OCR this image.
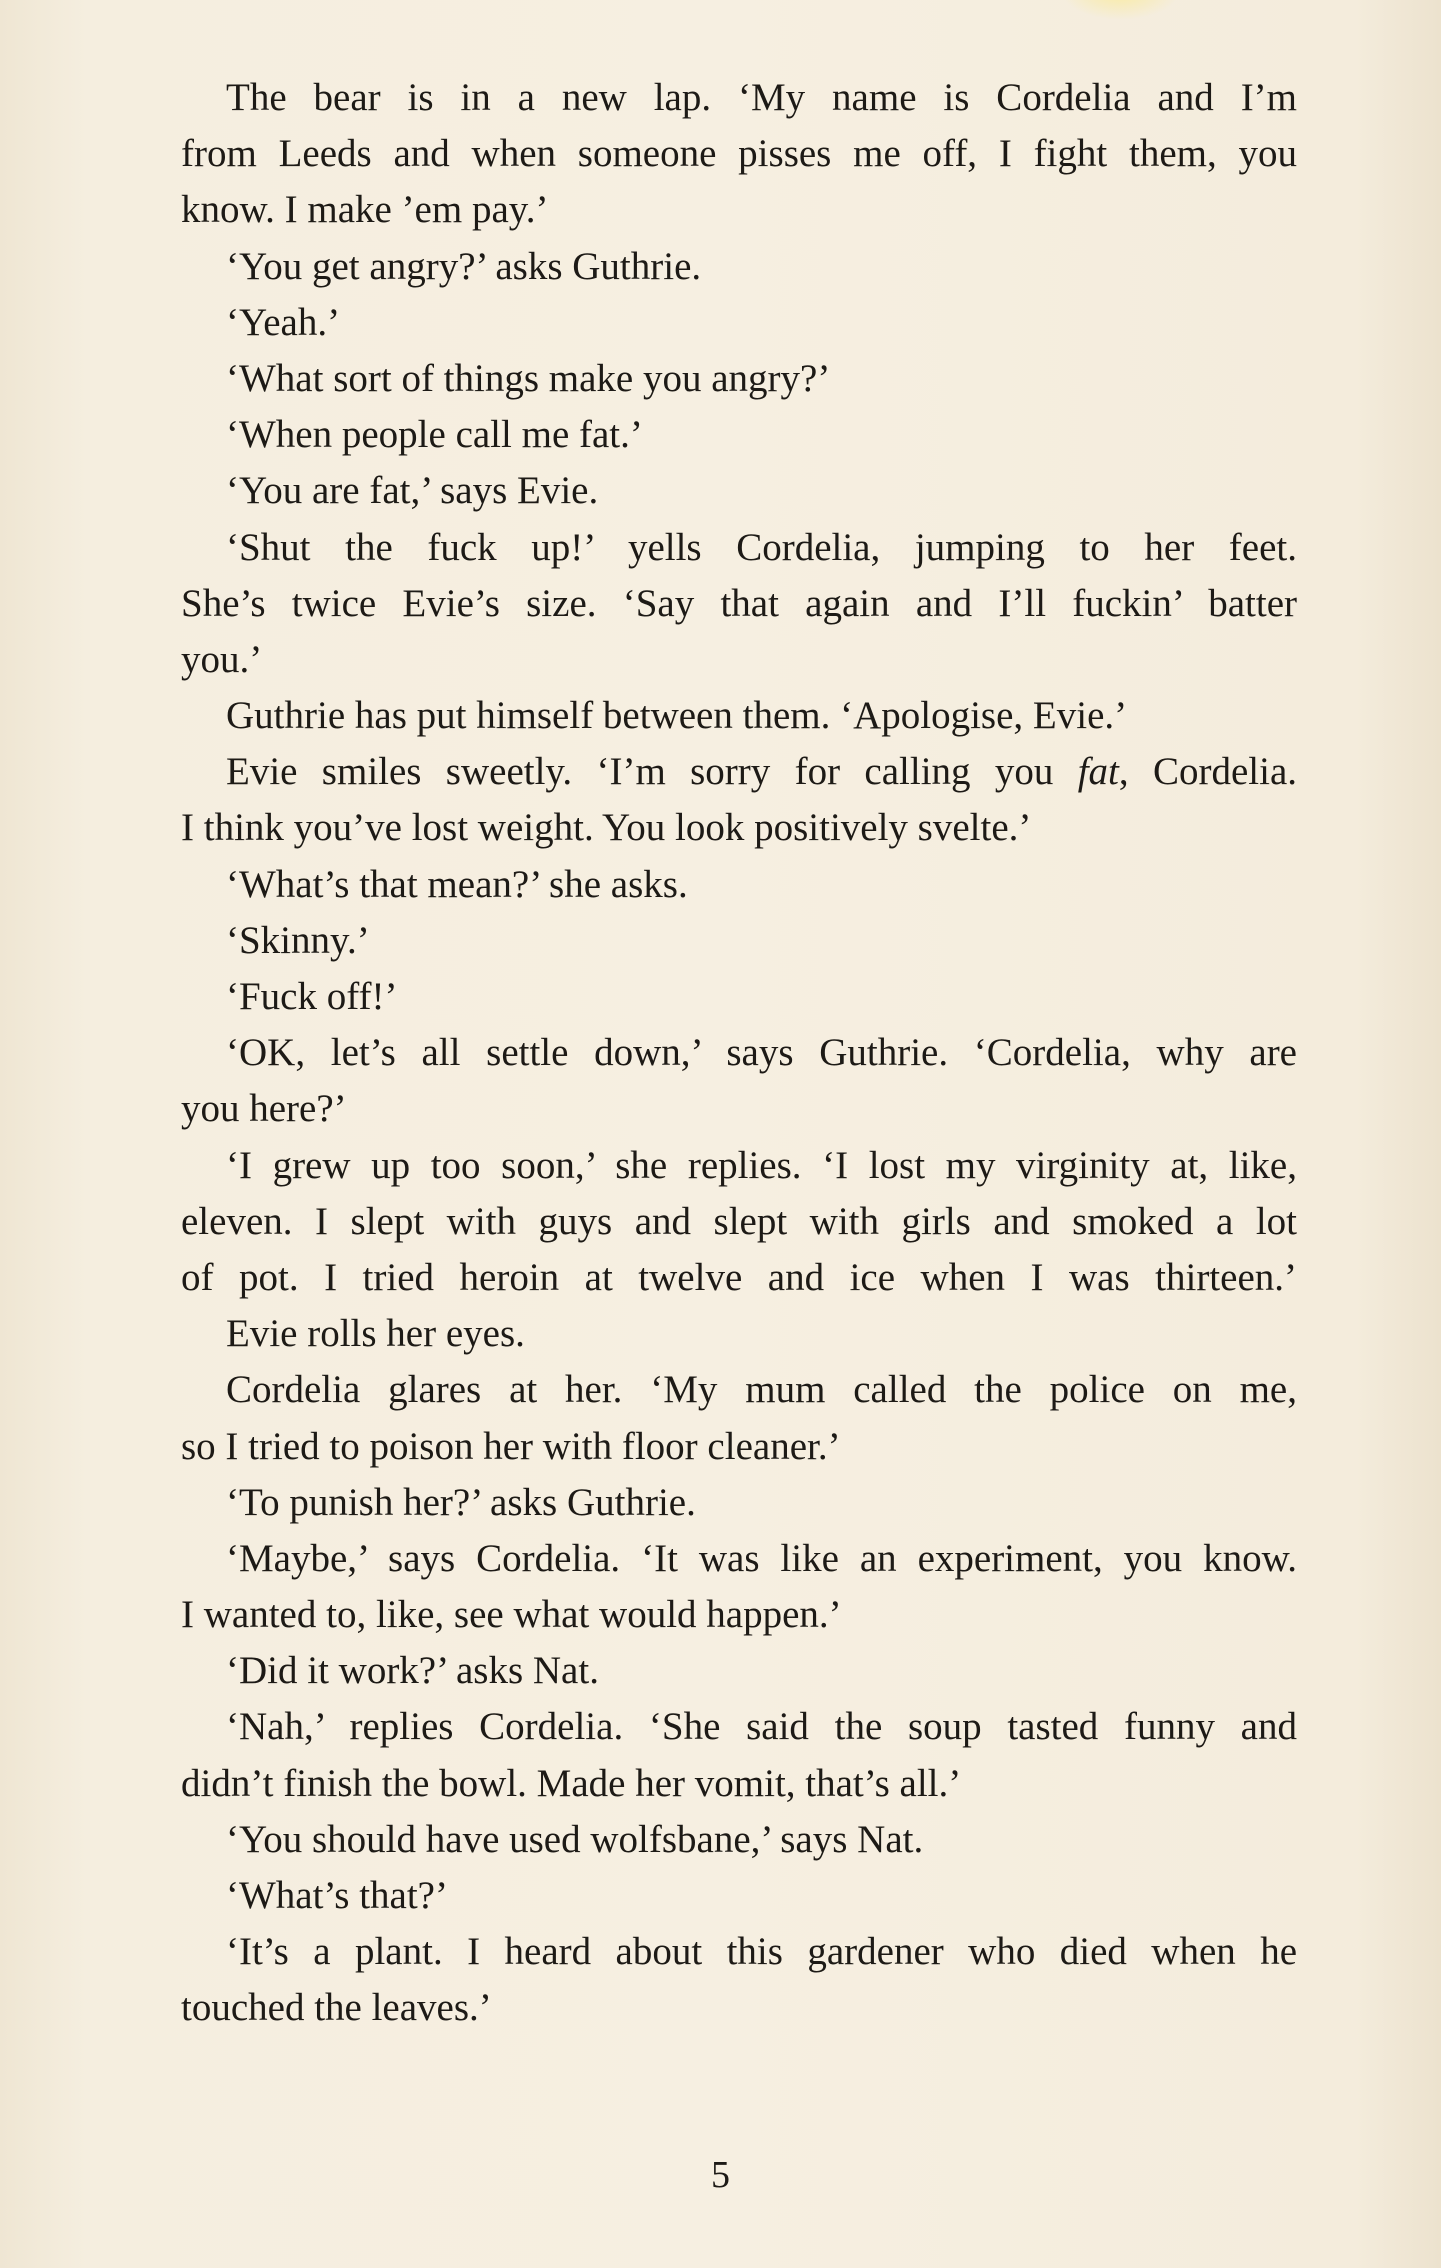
The bear is in a new lap. ‘My name is Cordelia and I’m
from Leeds and when someone pisses me off, I fight them, you
know. I make ’em pay.’
‘You get angry?’ asks Guthrie.
‘Yeah.’
‘What sort of things make you angry?’
‘When people call me fat.’
‘You are fat,’ says Evie.
‘Shut the fuck up!’ yells Cordelia, jumping to her feet.
She’s twice Evie’s size. ‘Say that again and I’ll fuckin’ batter
you.’
Guthrie has put himself between them. ‘Apologise, Evie.’
Evie smiles sweetly. ‘I’m sorry for calling you fat, Cordelia.
I think you’ve lost weight. You look positively svelte.’
‘What’s that mean?’ she asks.
‘Skinny.’
‘Fuck off!’
‘OK, let’s all settle down,’ says Guthrie. ‘Cordelia, why are
you here?’
‘I grew up too soon,’ she replies. ‘I lost my virginity at, like,
eleven. I slept with guys and slept with girls and smoked a lot
of pot. I tried heroin at twelve and ice when I was thirteen.’
Evie rolls her eyes.
Cordelia glares at her. ‘My mum called the police on me,
so I tried to poison her with floor cleaner.’
‘To punish her?’ asks Guthrie.
‘Maybe,’ says Cordelia. ‘It was like an experiment, you know.
I wanted to, like, see what would happen.’
‘Did it work?’ asks Nat.
‘Nah,’ replies Cordelia. ‘She said the soup tasted funny and
didn’t finish the bowl. Made her vomit, that’s all.’
‘You should have used wolfsbane,’ says Nat.
‘What’s that?’
‘It’s a plant. I heard about this gardener who died when he
touched the leaves.’
5
